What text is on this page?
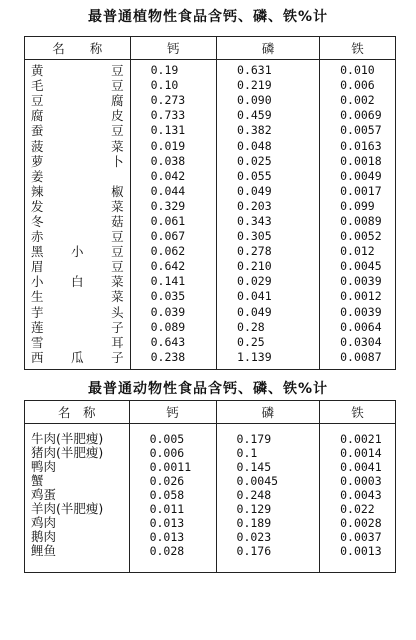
最普通植物性食品含钙、磷、铁%计
名　　称	钙	磷	铁
黄豆	0.19	0.631	0.010
毛豆	0.10	0.219	0.006
豆腐	0.273	0.090	0.002
腐皮	0.733	0.459	0.0069
蚕豆	0.131	0.382	0.0057
菠菜	0.019	0.048	0.0163
萝卜	0.038	0.025	0.0018
姜	0.042	0.055	0.0049
辣椒	0.044	0.049	0.0017
发菜	0.329	0.203	0.099
冬菇	0.061	0.343	0.0089
赤豆	0.067	0.305	0.0052
黑小豆	0.062	0.278	0.012
眉豆	0.642	0.210	0.0045
小白菜	0.141	0.029	0.0039
生菜	0.035	0.041	0.0012
芋头	0.039	0.049	0.0039
莲子	0.089	0.28	0.0064
雪耳	0.643	0.25	0.0304
西瓜子	0.238	1.139	0.0087
最普通动物性食品含钙、磷、铁%计
名　称	钙	磷	铁
牛肉(半肥瘦)	0.005	0.179	0.0021
猪肉(半肥瘦)	0.006	0.1	0.0014
鸭肉	0.0011	0.145	0.0041
蟹	0.026	0.0045	0.0003
鸡蛋	0.058	0.248	0.0043
羊肉(半肥瘦)	0.011	0.129	0.022
鸡肉	0.013	0.189	0.0028
鹅肉	0.013	0.023	0.0037
鲤鱼	0.028	0.176	0.0013
